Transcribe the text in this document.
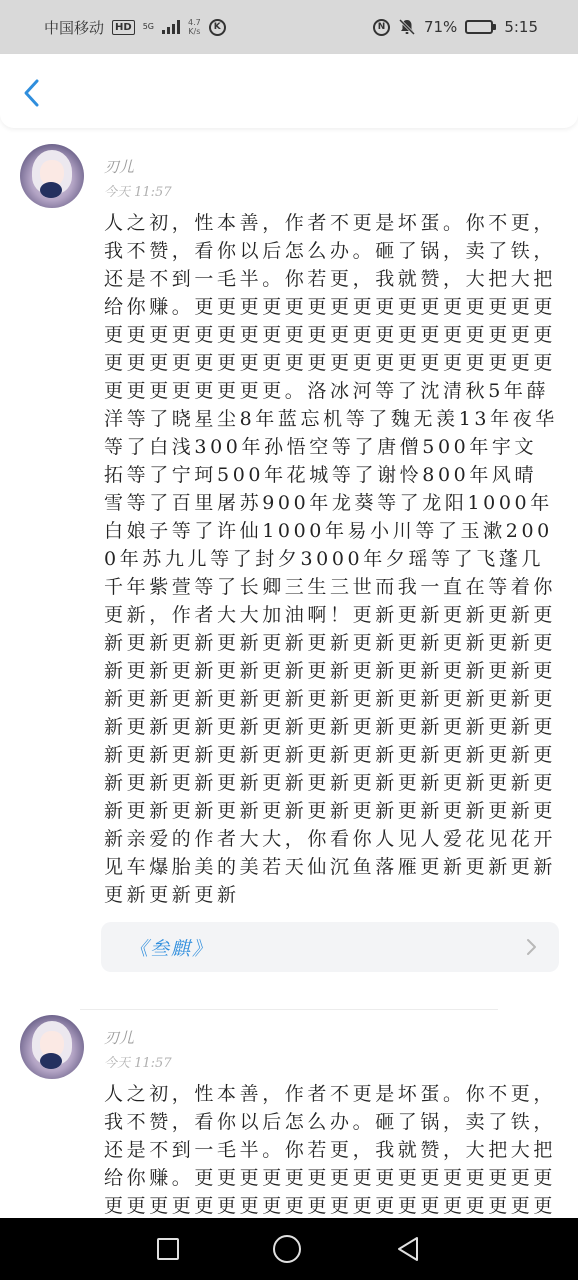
中国移动	HD	5G	4.7
K/s	K	N	71%	5:15
刃儿
今天 11:57
人之初，性本善，作者不更是坏蛋。你不更，我不赞，看你以后怎么办。砸了锅，卖了铁，还是不到一毛半。你若更，我就赞，大把大把给你赚。更更更更更更更更更更更更更更更更更更更更更更更更更更更更更更更更更更更更更更更更更更更更更更更更更更更更更更更更更更更更更更更更。洛冰河等了沈清秋5年薛洋等了晓星尘8年蓝忘机等了魏无羡13年夜华等了白浅300年孙悟空等了唐僧500年宇文拓等了宁珂500年花城等了谢怜800年风晴雪等了百里屠苏900年龙葵等了龙阳1000年白娘子等了许仙1000年易小川等了玉漱2000年苏九儿等了封夕3000年夕瑶等了飞蓬几千年紫萱等了长卿三生三世而我一直在等着你更新，作者大大加油啊！更新更新更新更新更新更新更新更新更新更新更新更新更新更新更新更新更新更新更新更新更新更新更新更新更新更新更新更新更新更新更新更新更新更新更新更新更新更新更新更新更新更新更新更新更新更新更新更新更新更新更新更新更新更新更新更新更新更新更新更新更新更新更新更新更新更新更新更新更新更新更新更新更新更新更新亲爱的作者大大，你看你人见人爱花见花开见车爆胎美的美若天仙沉鱼落雁更新更新更新更新更新更新
《叁麒》
刃儿
今天 11:57
人之初，性本善，作者不更是坏蛋。你不更，我不赞，看你以后怎么办。砸了锅，卖了铁，还是不到一毛半。你若更，我就赞，大把大把给你赚。更更更更更更更更更更更更更更更更更更更更更更更更更更更更更更更更更更更更
